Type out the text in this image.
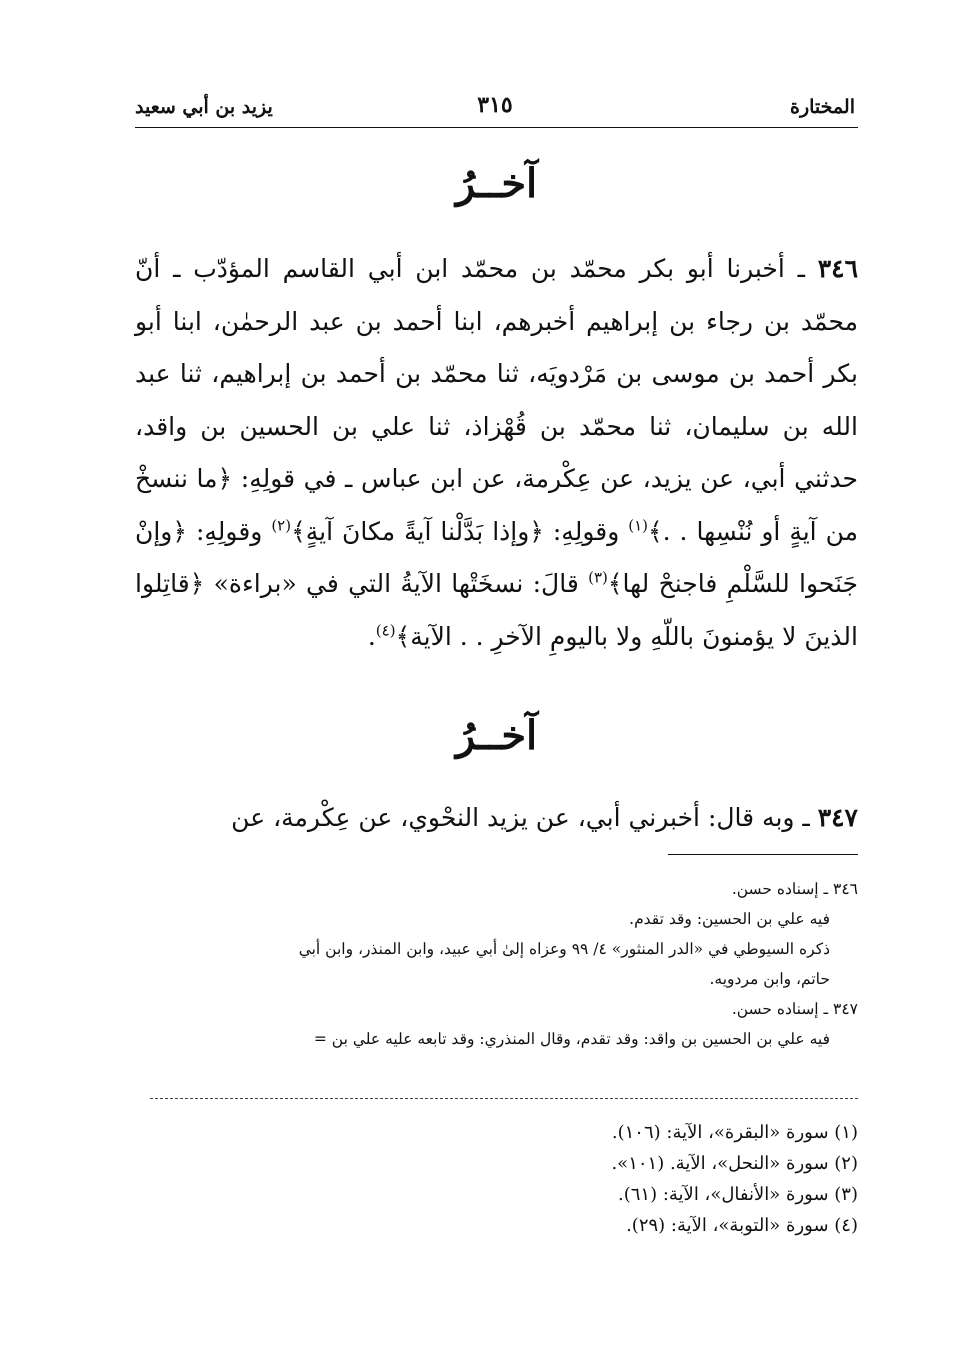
المختارة
٣١٥
يزيد بن أبي سعيد
آخــرُ
٣٤٦ ـ أخبرنا أبو بكر محمّد بن محمّد ابن أبي القاسم المؤدّب ـ أنّ محمّد بن رجاء بن إبراهيم أخبرهم، ابنا أحمد بن عبد الرحمٰن، ابنا أبو بكر أحمد بن موسى بن مَرْدويَه، ثنا محمّد بن أحمد بن إبراهيم، ثنا عبد الله بن سليمان، ثنا محمّد بن قُهْزاذ، ثنا علي بن الحسين بن واقد، حدثني أبي، عن يزيد، عن عِكْرمة، عن ابن عباس ـ في قولِهِ: ﴿ما ننسخْ من آيةٍ أو نُنْسِها . .﴾$^{(١)}$ وقولِهِ: ﴿وإذا بَدَّلْنا آيةً مكانَ آيةٍ﴾$^{(٢)}$ وقولِهِ: ﴿وإنْ جَنَحوا للسَّلْمِ فاجنحْ لها﴾$^{(٣)}$ قالَ: نسخَتْها الآيةُ التي في «براءة» ﴿قاتِلوا الذينَ لا يؤمنونَ باللّهِ ولا باليومِ الآخرِ . . الآية﴾$^{(٤)}$.
آخــرُ
٣٤٧ ـ وبه قال: أخبرني أبي، عن يزيد النحْوي، عن عِكْرمة، عن
٣٤٦ ـ إسناده حسن.
فيه علي بن الحسين: وقد تقدم.
ذكره السيوطي في «الدر المنثور» ٤/ ٩٩ وعزاه إلىٰ أبي عبيد، وابن المنذر، وابن أبي
حاتم، وابن مردويه.
٣٤٧ ـ إسناده حسن.
فيه علي بن الحسين بن واقد: وقد تقدم، وقال المنذري: وقد تابعه عليه علي بن =
(١) سورة «البقرة»، الآية: (١٠٦).
(٢) سورة «النحل»، الآية. (١٠١».
(٣) سورة «الأنفال»، الآية: (٦١).
(٤) سورة «التوبة»، الآية: (٢٩).
